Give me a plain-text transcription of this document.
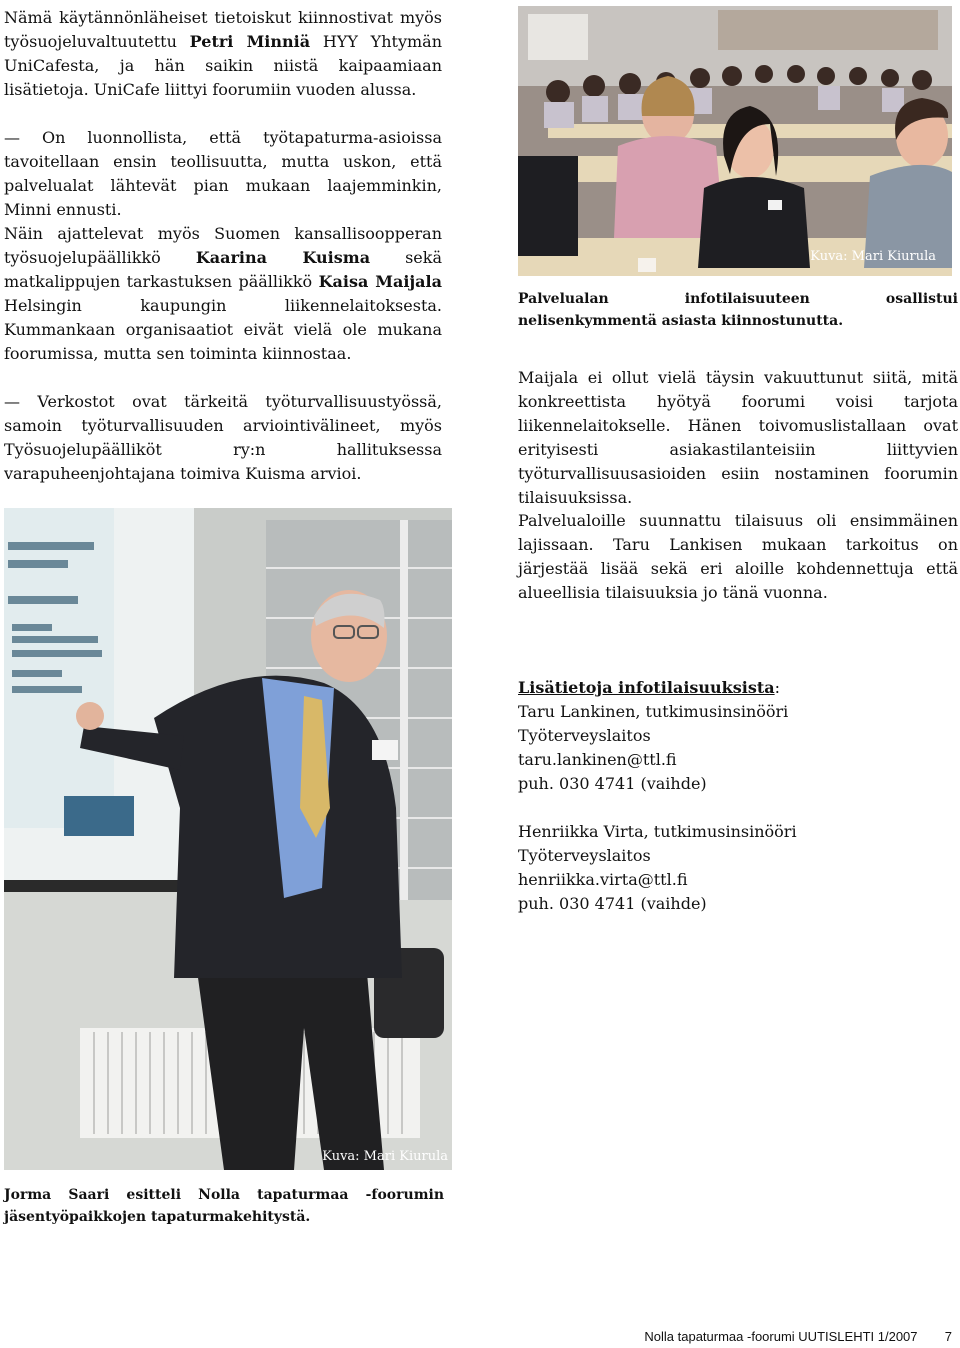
Nämä käytännönläheiset tietoiskut kiinnostivat myös työsuojeluvaltuutettu Petri Minniä HYY Yhtymän UniCafesta, ja hän saikin niistä kaipaamiaan lisätietoja. UniCafe liittyi foorumiin vuoden alussa.

— On luonnollista, että työtapaturma-asioissa tavoitellaan ensin teollisuutta, mutta uskon, että palvelualat lähtevät pian mukaan laajemminkin, Minni ennusti.

Näin ajattelevat myös Suomen kansallisoopperan työsuojelupäällikkö Kaarina Kuisma sekä matkalippujen tarkastuksen päällikkö Kaisa Maijala Helsingin kaupungin liikennelaitoksesta. Kummankaan organisaatiot eivät vielä ole mukana foorumissa, mutta sen toiminta kiinnostaa.

— Verkostot ovat tärkeitä työturvallisuustyössä, samoin työturvallisuuden arviointivälineet, myös Työsuojelupäälliköt ry:n hallituksessa varapuheenjohtajana toimiva Kuisma arvioi.

Kuva: Mari Kiurula

Jorma Saari esitteli Nolla tapaturmaa -foorumin jäsentyöpaikkojen tapaturmakehitystä.

Kuva: Mari Kiurula

Palvelualan infotilaisuuteen osallistui nelisenkymmentä asiasta kiinnostunutta.

Maijala ei ollut vielä täysin vakuuttunut siitä, mitä konkreettista hyötyä foorumi voisi tarjota liikennelaitokselle. Hänen toivomuslistallaan ovat erityisesti asiakastilanteisiin liittyvien työturvallisuusasioiden esiin nostaminen foorumin tilaisuuksissa.

Palvelualoille suunnattu tilaisuus oli ensimmäinen lajissaan. Taru Lankisen mukaan tarkoitus on järjestää lisää sekä eri aloille kohdennettuja että alueellisia tilaisuuksia jo tänä vuonna.

Lisätietoja infotilaisuuksista:
Taru Lankinen, tutkimusinsinööri
Työterveyslaitos
taru.lankinen@ttl.fi
puh. 030 4741 (vaihde)
Henriikka Virta, tutkimusinsinööri
Työterveyslaitos
henriikka.virta@ttl.fi
puh. 030 4741 (vaihde)
Nolla tapaturmaa -foorumi UUTISLEHTI 1/2007 7
